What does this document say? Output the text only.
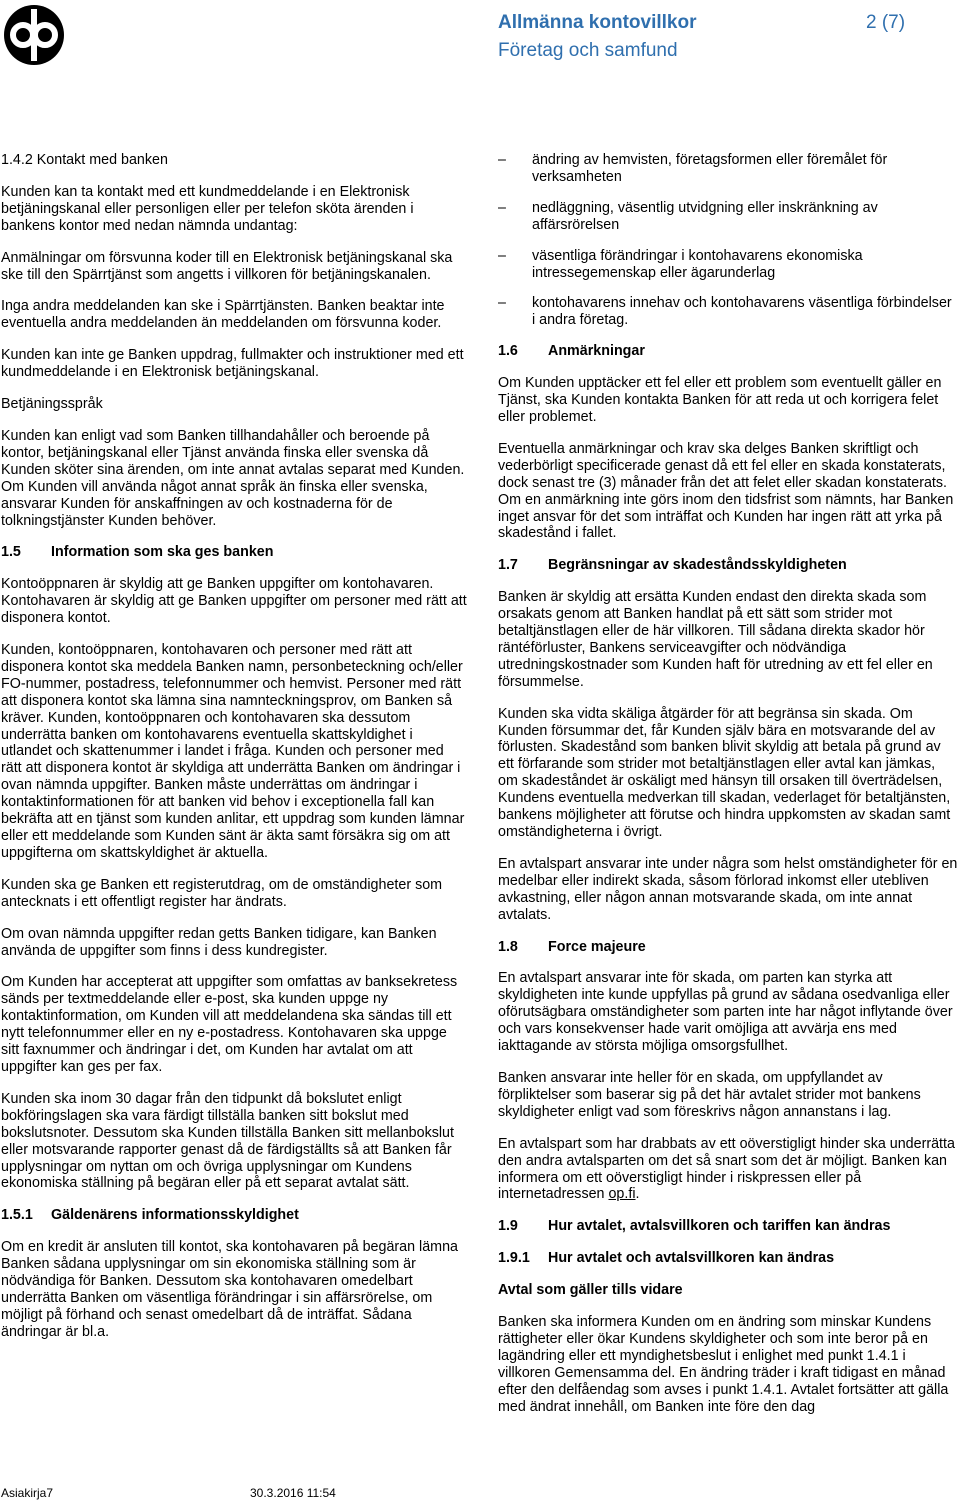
Allmänna kontovillkor	2 (7)
Företag och samfund

1.4.2 Kontakt med banken

Kunden kan ta kontakt med ett kundmeddelande i en Elektronisk betjäningskanal eller personligen eller per telefon sköta ärenden i bankens kontor med nedan nämnda undantag:

Anmälningar om försvunna koder till en Elektronisk betjäningskanal ska ske till den Spärrtjänst som angetts i villkoren för betjäningskanalen.

Inga andra meddelanden kan ske i Spärrtjänsten. Banken beaktar inte eventuella andra meddelanden än meddelanden om försvunna koder.

Kunden kan inte ge Banken uppdrag, fullmakter och instruktioner med ett kundmeddelande i en Elektronisk betjäningskanal.

Betjäningsspråk

Kunden kan enligt vad som Banken tillhandahåller och beroende på kontor, betjäningskanal eller Tjänst använda finska eller svenska då Kunden sköter sina ärenden, om inte annat avtalas separat med Kunden. Om Kunden vill använda något annat språk än finska eller svenska, ansvarar Kunden för anskaffningen av och kostnaderna för de tolkningstjänster Kunden behöver.

1.5 Information som ska ges banken

Kontoöppnaren är skyldig att ge Banken uppgifter om kontohavaren. Kontohavaren är skyldig att ge Banken uppgifter om personer med rätt att disponera kontot.

Kunden, kontoöppnaren, kontohavaren och personer med rätt att disponera kontot ska meddela Banken namn, personbeteckning och/eller FO-nummer, postadress, telefonnummer och hemvist. Personer med rätt att disponera kontot ska lämna sina namnteckningsprov, om Banken så kräver. Kunden, kontoöppnaren och kontohavaren ska dessutom underrätta banken om kontohavarens eventuella skattskyldighet i utlandet och skattenummer i landet i fråga. Kunden och personer med rätt att disponera kontot är skyldiga att underrätta Banken om ändringar i ovan nämnda uppgifter. Banken måste underrättas om ändringar i kontaktinformationen för att banken vid behov i exceptionella fall kan bekräfta att en tjänst som kunden anlitar, ett uppdrag som kunden lämnar eller ett meddelande som Kunden sänt är äkta samt försäkra sig om att uppgifterna om skattskyldighet är aktuella.

Kunden ska ge Banken ett registerutdrag, om de omständigheter som antecknats i ett offentligt register har ändrats.

Om ovan nämnda uppgifter redan getts Banken tidigare, kan Banken använda de uppgifter som finns i dess kundregister.

Om Kunden har accepterat att uppgifter som omfattas av banksekretess sänds per textmeddelande eller e-post, ska kunden uppge ny kontaktinformation, om Kunden vill att meddelandena ska sändas till ett nytt telefonnummer eller en ny e-postadress. Kontohavaren ska uppge sitt faxnummer och ändringar i det, om Kunden har avtalat om att uppgifter kan ges per fax.

Kunden ska inom 30 dagar från den tidpunkt då bokslutet enligt bokföringslagen ska vara färdigt tillställa banken sitt bokslut med bokslutsnoter. Dessutom ska Kunden tillställa Banken sitt mellanbokslut eller motsvarande rapporter genast då de färdigställts så att Banken får upplysningar om nyttan om och övriga upplysningar om Kundens ekonomiska ställning på begäran eller på ett separat avtalat sätt.

1.5.1 Gäldenärens informationsskyldighet

Om en kredit är ansluten till kontot, ska kontohavaren på begäran lämna Banken sådana upplysningar om sin ekonomiska ställning som är nödvändiga för Banken. Dessutom ska kontohavaren omedelbart underrätta Banken om väsentliga förändringar i sin affärsrörelse, om möjligt på förhand och senast omedelbart då de inträffat. Sådana ändringar är bl.a.

– ändring av hemvisten, företagsformen eller föremålet för verksamheten
– nedläggning, väsentlig utvidgning eller inskränkning av affärsrörelsen
– väsentliga förändringar i kontohavarens ekonomiska intressegemenskap eller ägarunderlag
– kontohavarens innehav och kontohavarens väsentliga förbindelser i andra företag.
1.6 Anmärkningar

Om Kunden upptäcker ett fel eller ett problem som eventuellt gäller en Tjänst, ska Kunden kontakta Banken för att reda ut och korrigera felet eller problemet.

Eventuella anmärkningar och krav ska delges Banken skriftligt och vederbörligt specificerade genast då ett fel eller en skada konstaterats, dock senast tre (3) månader från det att felet eller skadan konstaterats. Om en anmärkning inte görs inom den tidsfrist som nämnts, har Banken inget ansvar för det som inträffat och Kunden har ingen rätt att yrka på skadestånd i fallet.

1.7 Begränsningar av skadeståndsskyldigheten

Banken är skyldig att ersätta Kunden endast den direkta skada som orsakats genom att Banken handlat på ett sätt som strider mot betaltjänstlagen eller de här villkoren. Till sådana direkta skador hör räntéförluster, Bankens serviceavgifter och nödvändiga utredningskostnader som Kunden haft för utredning av ett fel eller en försummelse.

Kunden ska vidta skäliga åtgärder för att begränsa sin skada. Om Kunden försummar det, får Kunden själv bära en motsvarande del av förlusten. Skadestånd som banken blivit skyldig att betala på grund av ett förfarande som strider mot betaltjänstlagen eller avtal kan jämkas, om skadeståndet är oskäligt med hänsyn till orsaken till överträdelsen, Kundens eventuella medverkan till skadan, vederlaget för betaltjänsten, bankens möjligheter att förutse och hindra uppkomsten av skadan samt omständigheterna i övrigt.

En avtalspart ansvarar inte under några som helst omständigheter för en medelbar eller indirekt skada, såsom förlorad inkomst eller utebliven avkastning, eller någon annan motsvarande skada, om inte annat avtalats.

1.8 Force majeure

En avtalspart ansvarar inte för skada, om parten kan styrka att skyldigheten inte kunde uppfyllas på grund av sådana osedvanliga eller oförutsägbara omständigheter som parten inte har något inflytande över och vars konsekvenser hade varit omöjliga att avvärja ens med iakttagande av största möjliga omsorgsfullhet.

Banken ansvarar inte heller för en skada, om uppfyllandet av förpliktelser som baserar sig på det här avtalet strider mot bankens skyldigheter enligt vad som föreskrivs någon annanstans i lag.

En avtalspart som har drabbats av ett oöverstigligt hinder ska underrätta den andra avtalsparten om det så snart som det är möjligt. Banken kan informera om ett oöverstigligt hinder i riskpressen eller på internetadressen op.fi.

1.9 Hur avtalet, avtalsvillkoren och tariffen kan ändras
1.9.1 Hur avtalet och avtalsvillkoren kan ändras
Avtal som gäller tills vidare

Banken ska informera Kunden om en ändring som minskar Kundens rättigheter eller ökar Kundens skyldigheter och som inte beror på en lagändring eller ett myndighetsbeslut i enlighet med punkt 1.4.1 i villkoren Gemensamma del. En ändring träder i kraft tidigast en månad efter den delfåendag som avses i punkt 1.4.1. Avtalet fortsätter att gälla med ändrat innehåll, om Banken inte före den dag

Asiakirja7	30.3.2016 11:54
